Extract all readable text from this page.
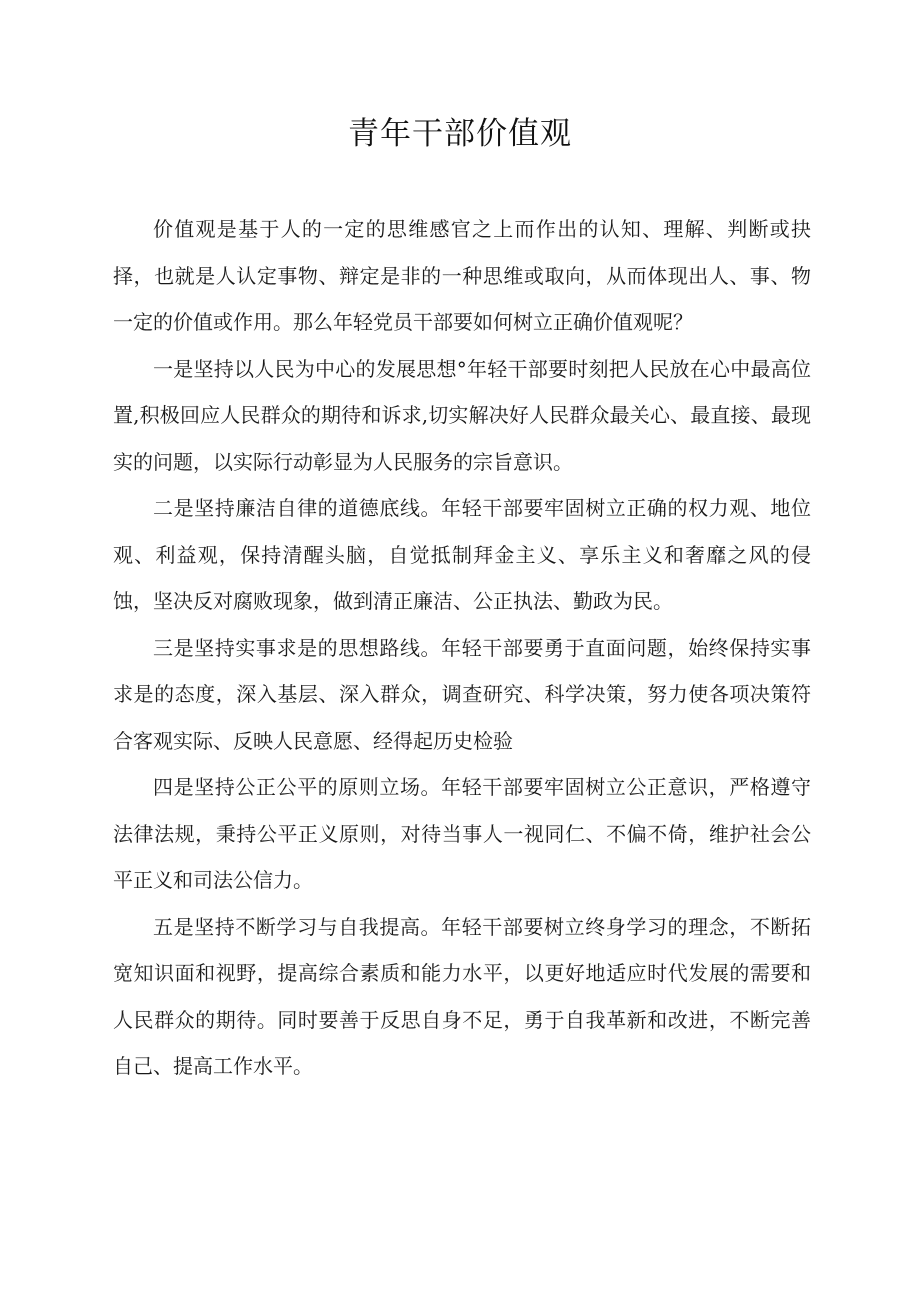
青年干部价值观

价值观是基于人的一定的思维感官之上而作出的认知、理解、判断或抉择，也就是人认定事物、辩定是非的一种思维或取向，从而体现出人、事、物一定的价值或作用。那么年轻党员干部要如何树立正确价值观呢？

一是坚持以人民为中心的发展思想°年轻干部要时刻把人民放在心中最高位置,积极回应人民群众的期待和诉求,切实解决好人民群众最关心、最直接、最现实的问题，以实际行动彰显为人民服务的宗旨意识。

二是坚持廉洁自律的道德底线。年轻干部要牢固树立正确的权力观、地位观、利益观，保持清醒头脑，自觉抵制拜金主义、享乐主义和奢靡之风的侵蚀，坚决反对腐败现象，做到清正廉洁、公正执法、勤政为民。

三是坚持实事求是的思想路线。年轻干部要勇于直面问题，始终保持实事求是的态度，深入基层、深入群众，调查研究、科学决策，努力使各项决策符合客观实际、反映人民意愿、经得起历史检验

四是坚持公正公平的原则立场。年轻干部要牢固树立公正意识，严格遵守法律法规，秉持公平正义原则，对待当事人一视同仁、不偏不倚，维护社会公平正义和司法公信力。

五是坚持不断学习与自我提高。年轻干部要树立终身学习的理念，不断拓宽知识面和视野，提高综合素质和能力水平，以更好地适应时代发展的需要和人民群众的期待。同时要善于反思自身不足，勇于自我革新和改进，不断完善自己、提高工作水平。
